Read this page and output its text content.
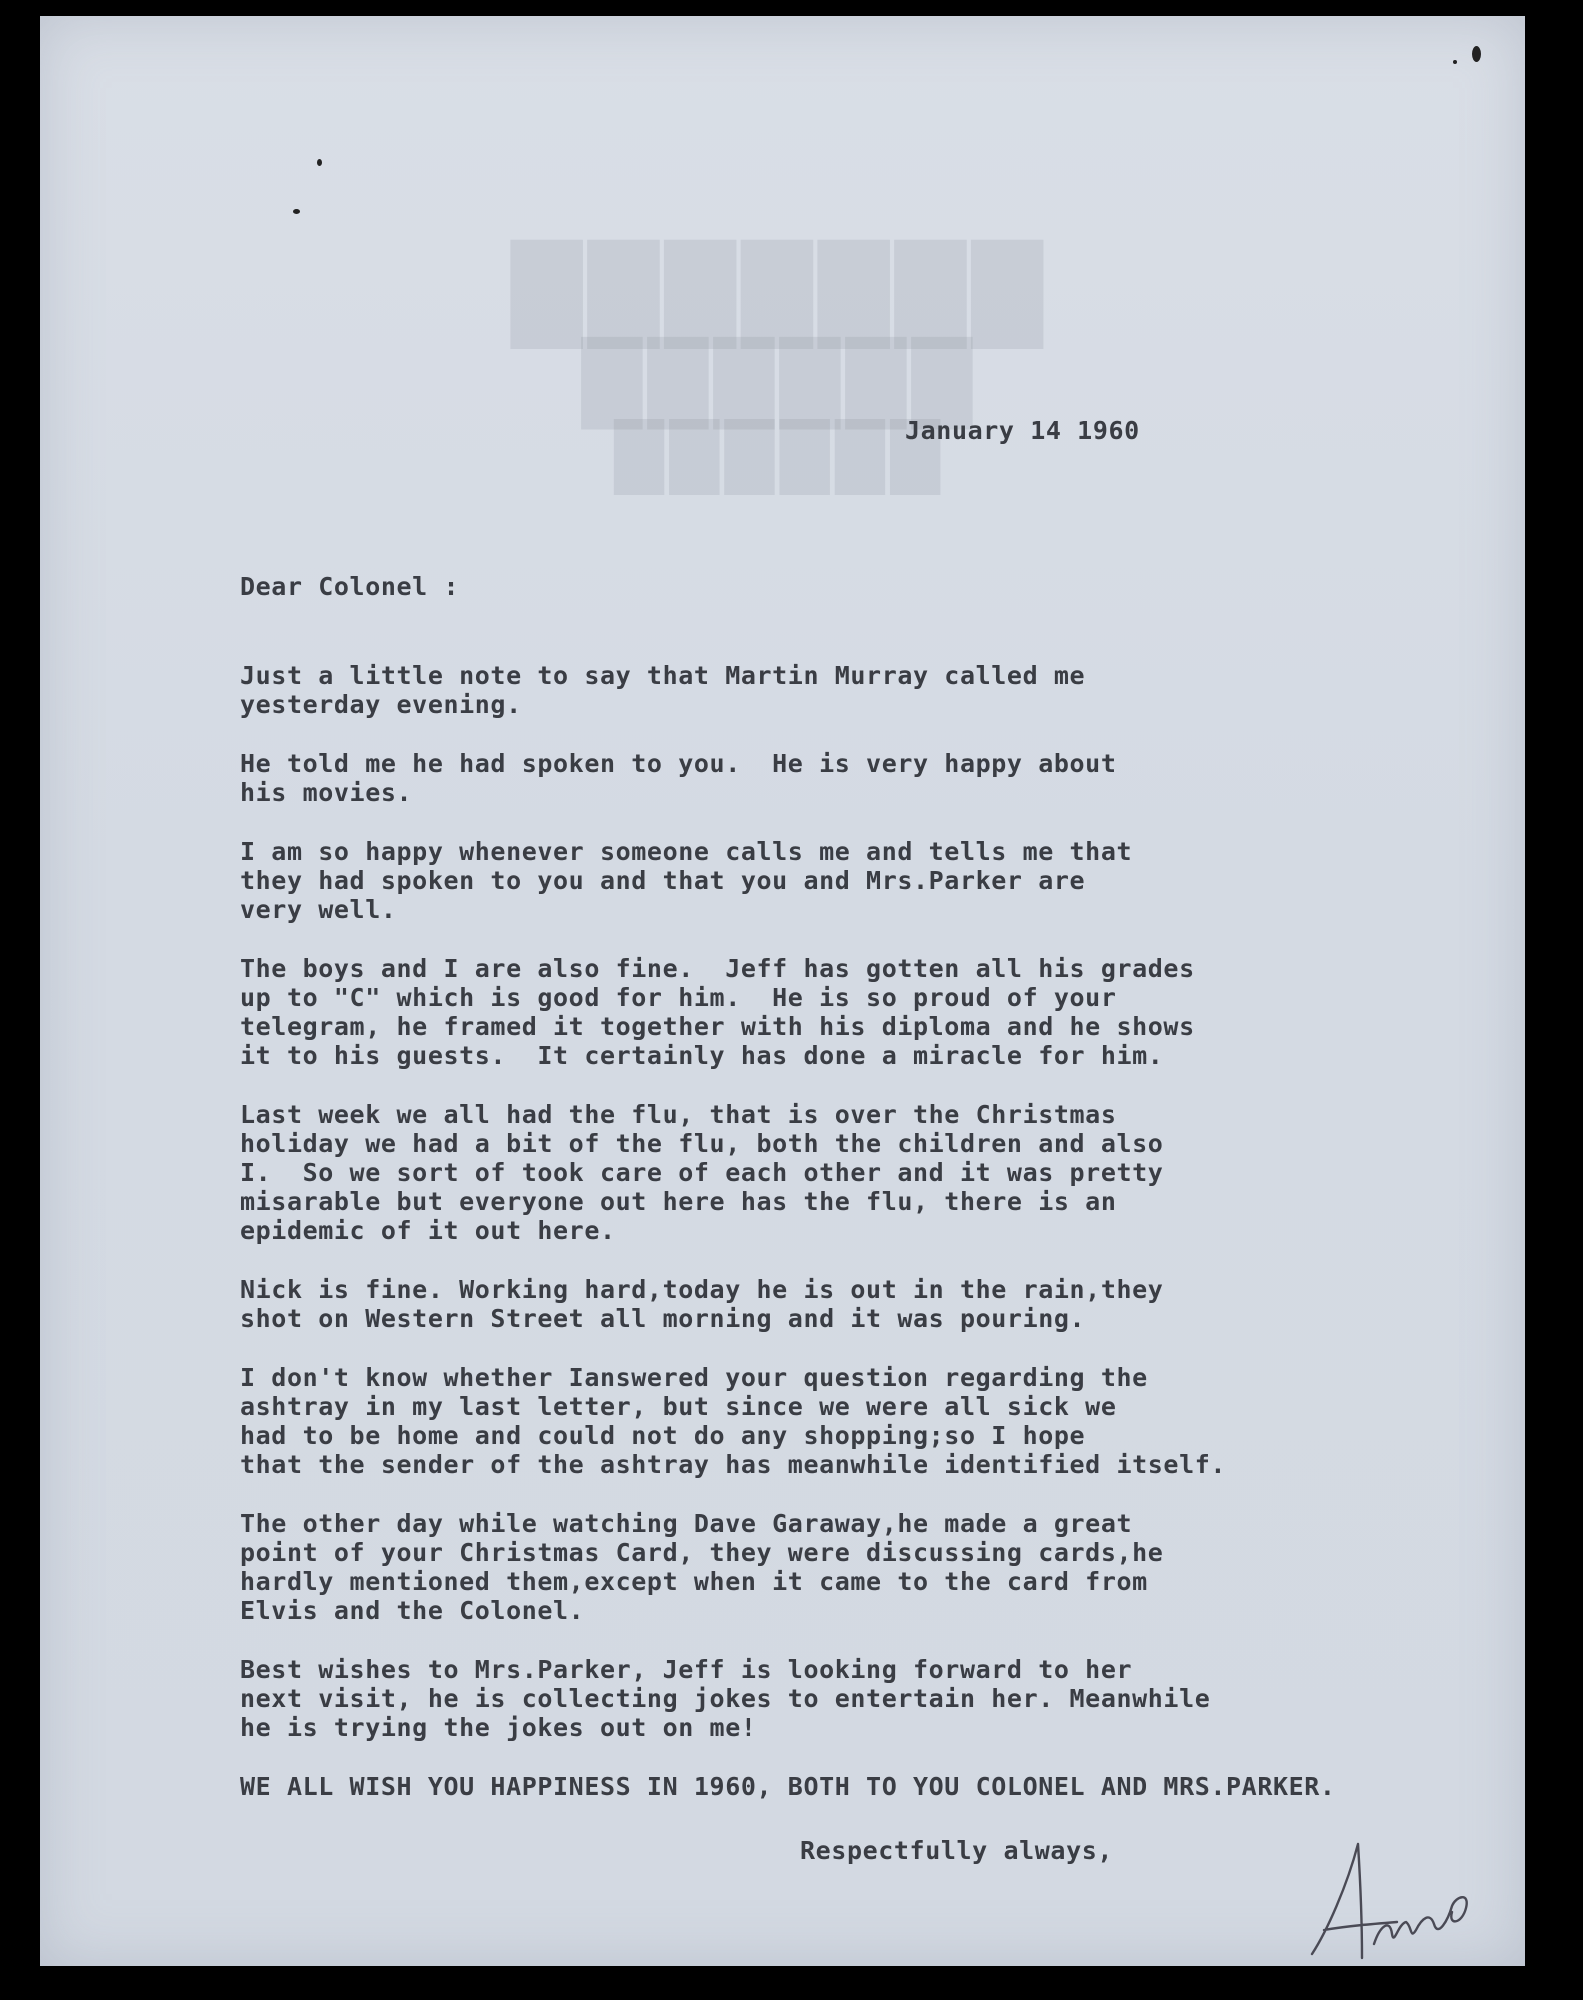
███████
██████
██████
January 14 1960
Dear Colonel :
Just a little note to say that Martin Murray called me
yesterday evening.
He told me he had spoken to you.  He is very happy about
his movies.
I am so happy whenever someone calls me and tells me that
they had spoken to you and that you and Mrs.Parker are
very well.
The boys and I are also fine.  Jeff has gotten all his grades
up to "C" which is good for him.  He is so proud of your
telegram, he framed it together with his diploma and he shows
it to his guests.  It certainly has done a miracle for him.
Last week we all had the flu, that is over the Christmas
holiday we had a bit of the flu, both the children and also
I.  So we sort of took care of each other and it was pretty
misarable but everyone out here has the flu, there is an
epidemic of it out here.
Nick is fine. Working hard,today he is out in the rain,they
shot on Western Street all morning and it was pouring.
I don't know whether Ianswered your question regarding the
ashtray in my last letter, but since we were all sick we
had to be home and could not do any shopping;so I hope
that the sender of the ashtray has meanwhile identified itself.
The other day while watching Dave Garaway,he made a great
point of your Christmas Card, they were discussing cards,he
hardly mentioned them,except when it came to the card from
Elvis and the Colonel.
Best wishes to Mrs.Parker, Jeff is looking forward to her
next visit, he is collecting jokes to entertain her. Meanwhile
he is trying the jokes out on me!
WE ALL WISH YOU HAPPINESS IN 1960, BOTH TO YOU COLONEL AND MRS.PARKER.
Respectfully always,
